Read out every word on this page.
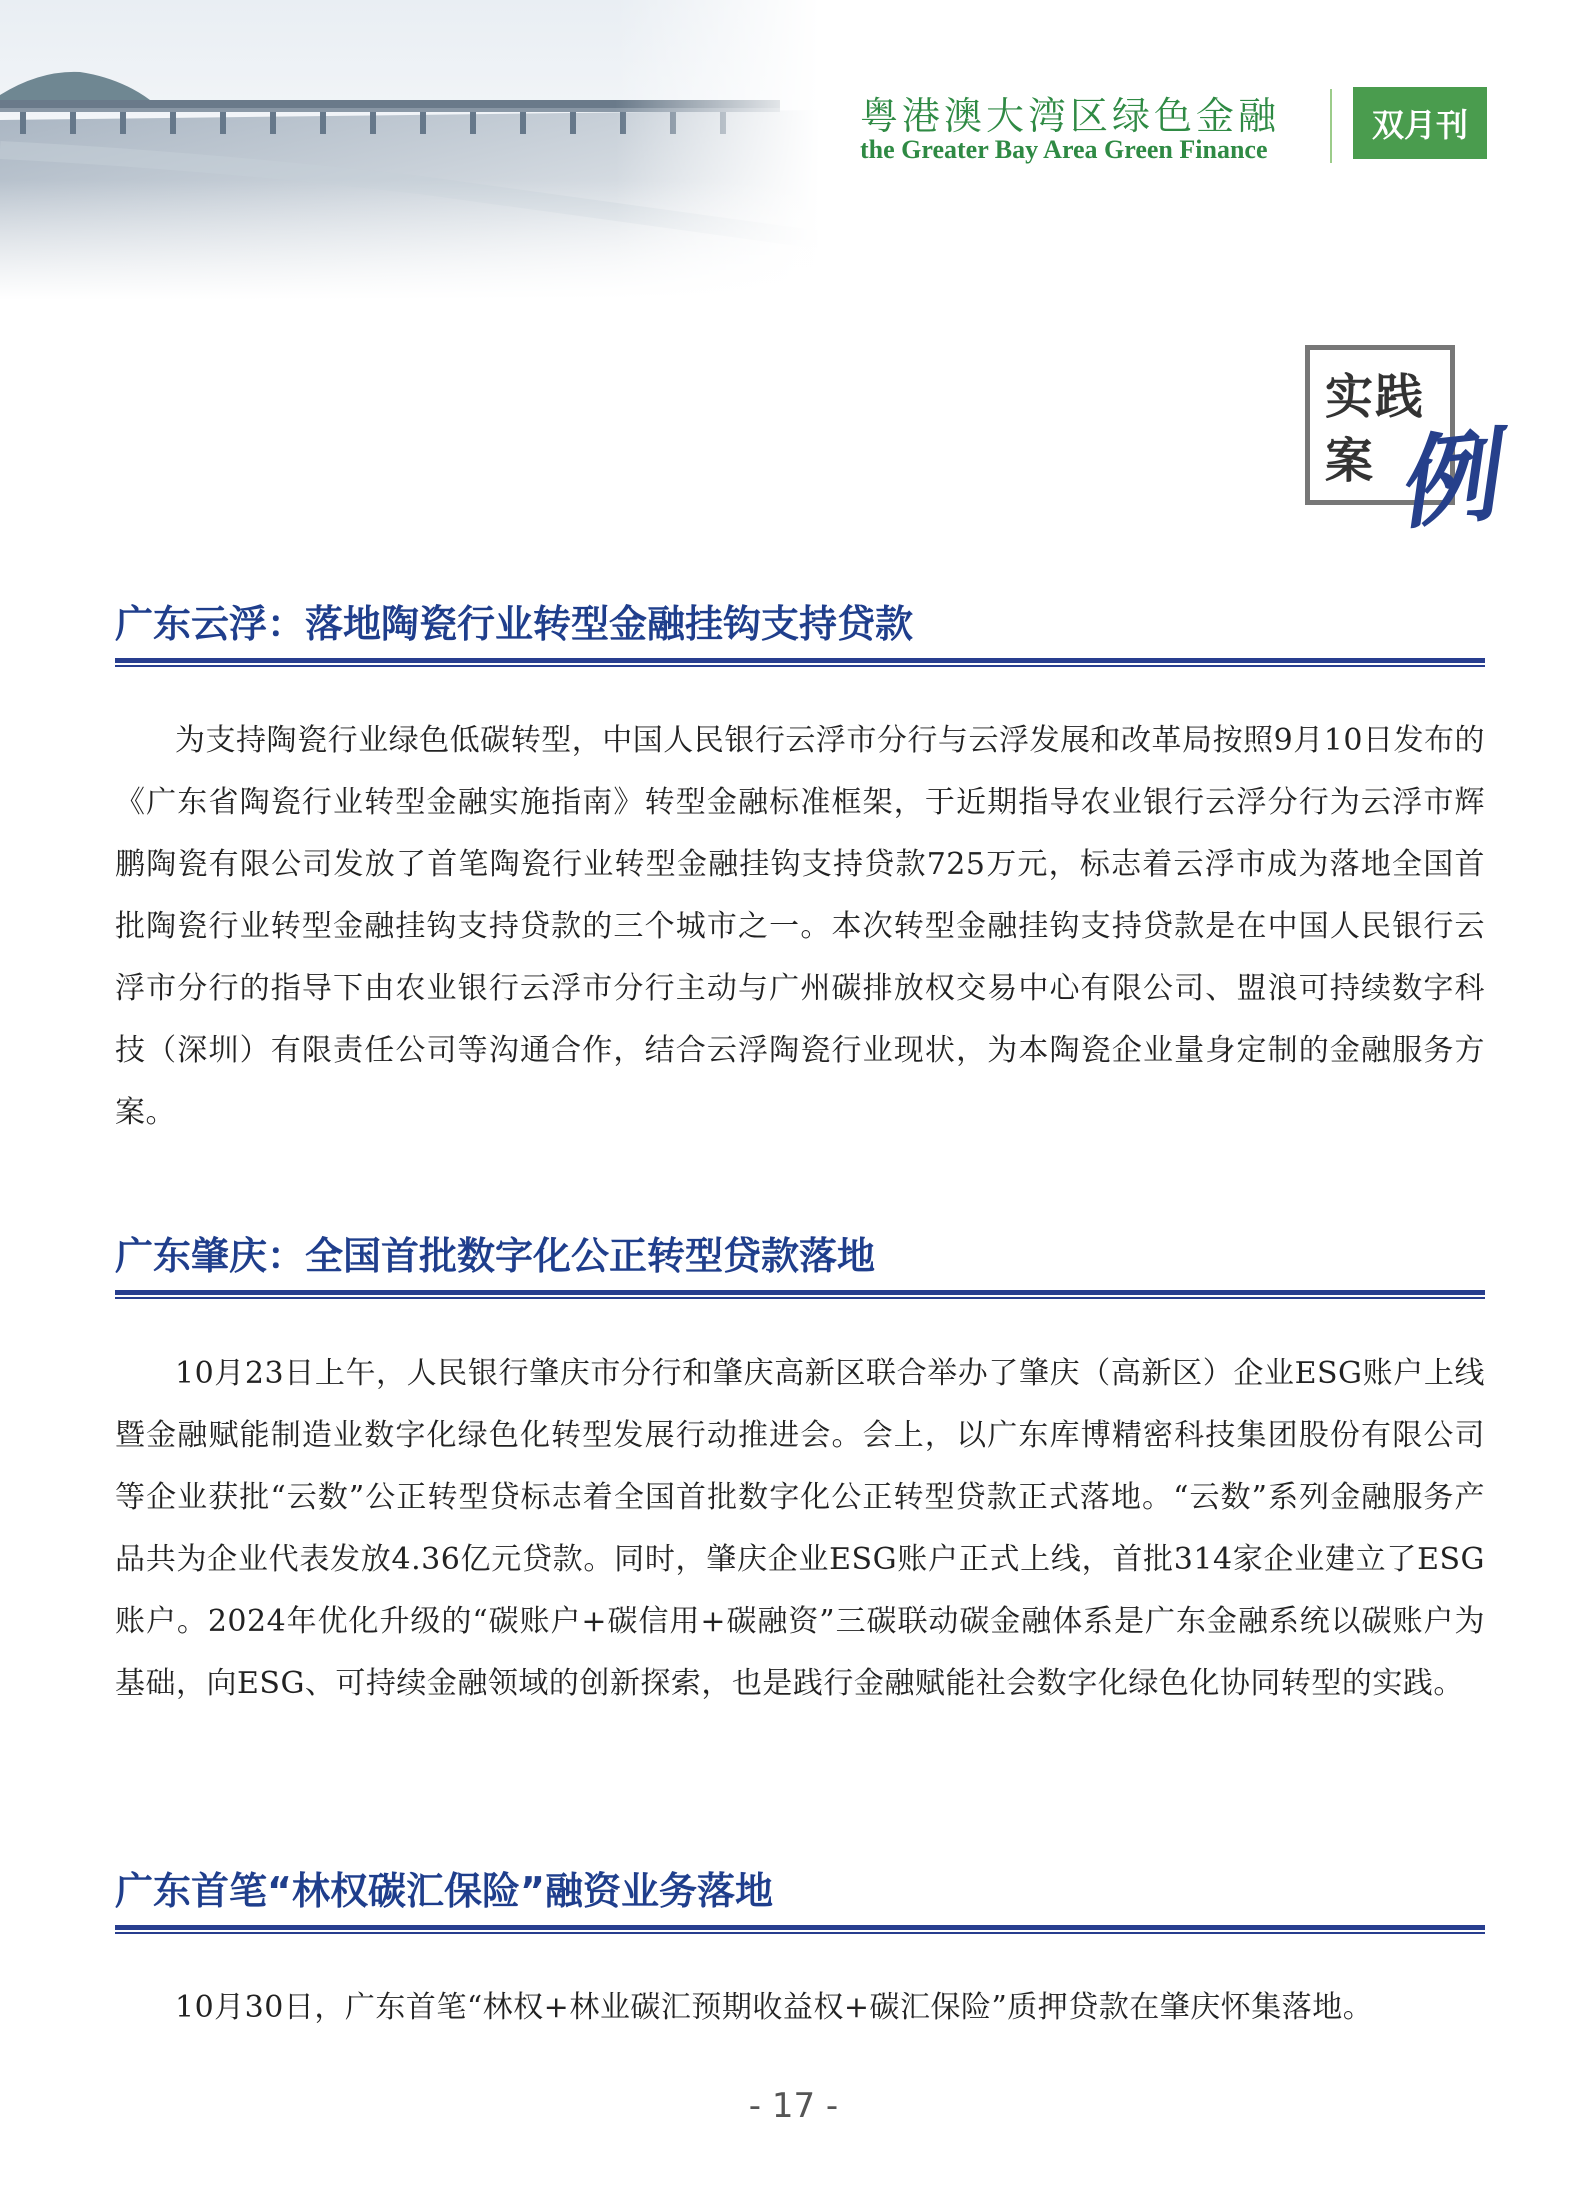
粤港澳大湾区绿色金融
the Greater Bay Area Green Finance
双月刊
实践
案 例
广东云浮：落地陶瓷行业转型金融挂钩支持贷款

为支持陶瓷行业绿色低碳转型，中国人民银行云浮市分行与云浮发展和改革局按照9月10日发布的《广东省陶瓷行业转型金融实施指南》转型金融标准框架，于近期指导农业银行云浮分行为云浮市辉鹏陶瓷有限公司发放了首笔陶瓷行业转型金融挂钩支持贷款725万元，标志着云浮市成为落地全国首批陶瓷行业转型金融挂钩支持贷款的三个城市之一。本次转型金融挂钩支持贷款是在中国人民银行云浮市分行的指导下由农业银行云浮市分行主动与广州碳排放权交易中心有限公司、盟浪可持续数字科技（深圳）有限责任公司等沟通合作，结合云浮陶瓷行业现状，为本陶瓷企业量身定制的金融服务方案。

广东肇庆：全国首批数字化公正转型贷款落地

10月23日上午，人民银行肇庆市分行和肇庆高新区联合举办了肇庆（高新区）企业ESG账户上线暨金融赋能制造业数字化绿色化转型发展行动推进会。会上，以广东库博精密科技集团股份有限公司等企业获批“云数”公正转型贷标志着全国首批数字化公正转型贷款正式落地。“云数”系列金融服务产品共为企业代表发放4.36亿元贷款。同时，肇庆企业ESG账户正式上线，首批314家企业建立了ESG账户。2024年优化升级的“碳账户+碳信用+碳融资”三碳联动碳金融体系是广东金融系统以碳账户为基础，向ESG、可持续金融领域的创新探索，也是践行金融赋能社会数字化绿色化协同转型的实践。

广东首笔“林权碳汇保险”融资业务落地

10月30日，广东首笔“林权+林业碳汇预期收益权+碳汇保险”质押贷款在肇庆怀集落地。

- 17 -
